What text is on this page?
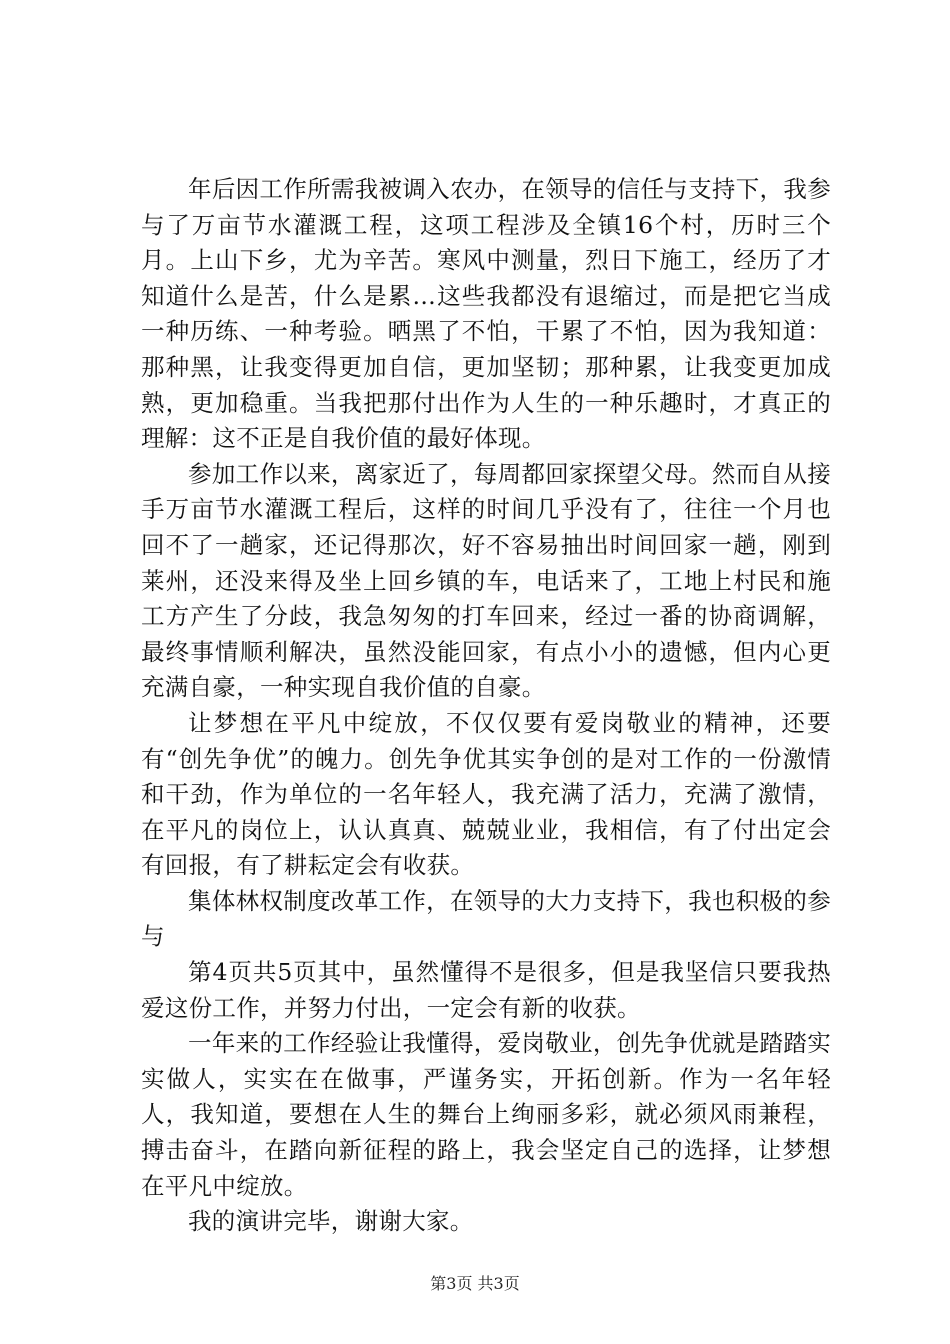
年后因工作所需我被调入农办，在领导的信任与支持下，我参与了万亩节水灌溉工程，这项工程涉及全镇16个村，历时三个月。上山下乡，尤为辛苦。寒风中测量，烈日下施工，经历了才知道什么是苦，什么是累…这些我都没有退缩过，而是把它当成一种历练、一种考验。晒黑了不怕，干累了不怕，因为我知道：那种黑，让我变得更加自信，更加坚韧；那种累，让我变更加成熟，更加稳重。当我把那付出作为人生的一种乐趣时，才真正的理解：这不正是自我价值的最好体现。

参加工作以来，离家近了，每周都回家探望父母。然而自从接手万亩节水灌溉工程后，这样的时间几乎没有了，往往一个月也回不了一趟家，还记得那次，好不容易抽出时间回家一趟，刚到莱州，还没来得及坐上回乡镇的车，电话来了，工地上村民和施工方产生了分歧，我急匆匆的打车回来，经过一番的协商调解，最终事情顺利解决，虽然没能回家，有点小小的遗憾，但内心更充满自豪，一种实现自我价值的自豪。

让梦想在平凡中绽放，不仅仅要有爱岗敬业的精神，还要有“创先争优”的魄力。创先争优其实争创的是对工作的一份激情和干劲，作为单位的一名年轻人，我充满了活力，充满了激情，在平凡的岗位上，认认真真、兢兢业业，我相信，有了付出定会有回报，有了耕耘定会有收获。

集体林权制度改革工作，在领导的大力支持下，我也积极的参与

第4页共5页其中，虽然懂得不是很多，但是我坚信只要我热爱这份工作，并努力付出，一定会有新的收获。

一年来的工作经验让我懂得，爱岗敬业，创先争优就是踏踏实实做人，实实在在做事，严谨务实，开拓创新。作为一名年轻人，我知道，要想在人生的舞台上绚丽多彩，就必须风雨兼程，搏击奋斗，在踏向新征程的路上，我会坚定自己的选择，让梦想在平凡中绽放。

我的演讲完毕，谢谢大家。

第3页 共3页
